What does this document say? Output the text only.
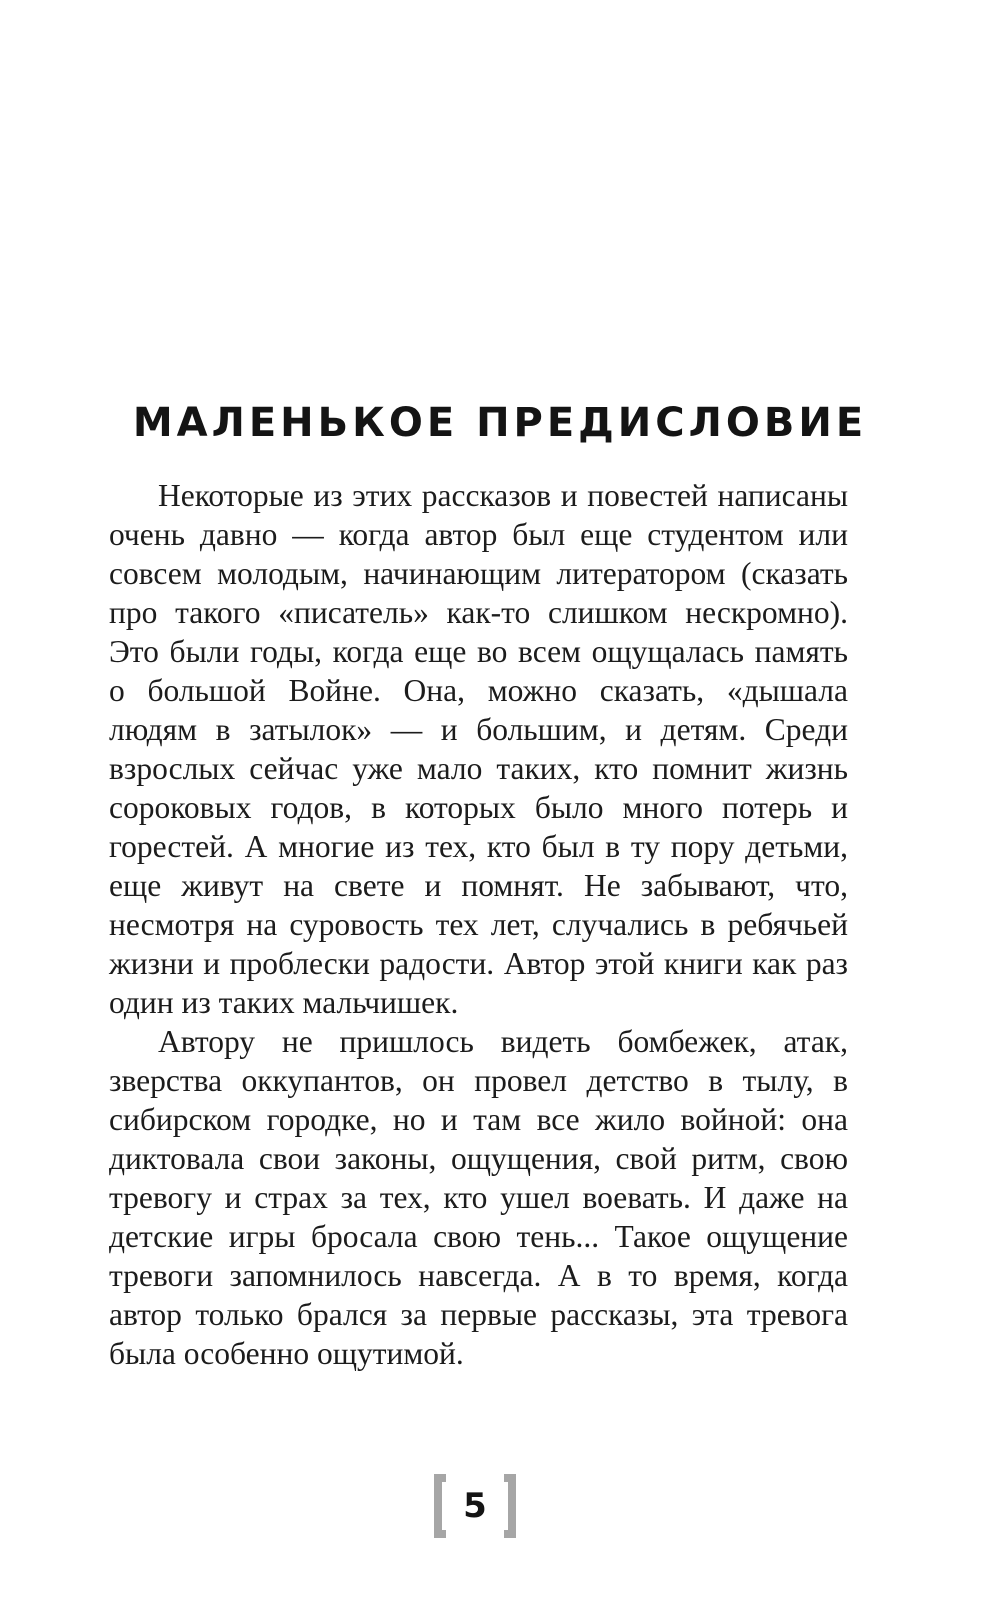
МАЛЕНЬКОЕ ПРЕДИСЛОВИЕ

Некоторые из этих рассказов и повестей написаны очень давно — когда автор был еще студентом или совсем молодым, начинающим литератором (сказать про такого «писатель» как-то слишком нескромно). Это были годы, когда еще во всем ощущалась память о большой Войне. Она, можно сказать, «дышала людям в затылок» — и большим, и детям. Среди взрослых сейчас уже мало таких, кто помнит жизнь сороковых годов, в которых было много потерь и горестей. А многие из тех, кто был в ту пору детьми, еще живут на свете и помнят. Не забывают, что, несмотря на суровость тех лет, случались в ребячьей жизни и проблески радости. Автор этой книги как раз один из таких мальчишек.

Автору не пришлось видеть бомбежек, атак, зверства оккупантов, он провел детство в тылу, в сибирском городке, но и там все жило войной: она диктовала свои законы, ощущения, свой ритм, свою тревогу и страх за тех, кто ушел воевать. И даже на детские игры бросала свою тень... Такое ощущение тревоги запомнилось навсегда. А в то время, когда автор только брался за первые рассказы, эта тревога была особенно ощутимой.

5
